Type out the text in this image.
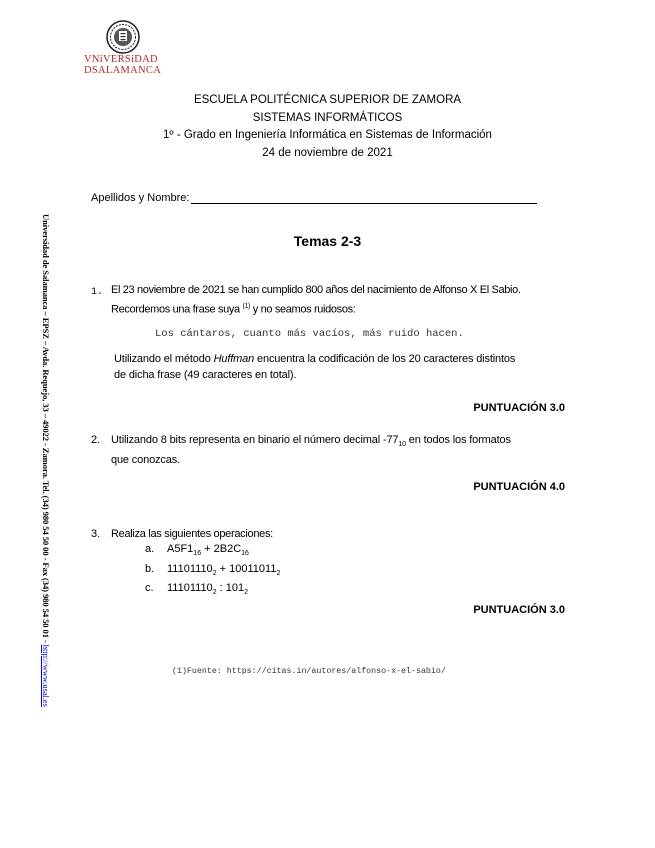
VNiVERSiDAD
DSALAMANCA
Universidad de Salamanca – EPSZ – Avda. Requejo, 33 – 49022 - Zamora. Tel. (34) 980 54 50 00 - Fax (34) 980 54 50 01 - http://www.usal.es
ESCUELA POLITÉCNICA SUPERIOR DE ZAMORA
SISTEMAS INFORMÁTICOS
1º - Grado en Ingeniería Informática en Sistemas de Información
24 de noviembre de 2021
Apellidos y Nombre:
Temas 2-3
1. El 23 noviembre de 2021 se han cumplido 800 años del nacimiento de Alfonso X El Sabio.
Recordemos una frase suya $^{(1)}$ y no seamos ruidosos:
Los cántaros, cuanto más vacíos, más ruido hacen.
Utilizando el método Huffman encuentra la codificación de los 20 caracteres distintos
de dicha frase (49 caracteres en total).
PUNTUACIÓN 3.0
2. Utilizando 8 bits representa en binario el número decimal $-77_{10}$ en todos los formatos
que conozcas.
PUNTUACIÓN 4.0
3. Realiza las siguientes operaciones:
a. $A5F1_{16} + 2B2C_{16}$
b. $11101110_2 + 10011011_2$
c. $11101110_2$ : $101_2$
PUNTUACIÓN 3.0
(1)Fuente: https://citas.in/autores/alfonso-x-el-sabio/
